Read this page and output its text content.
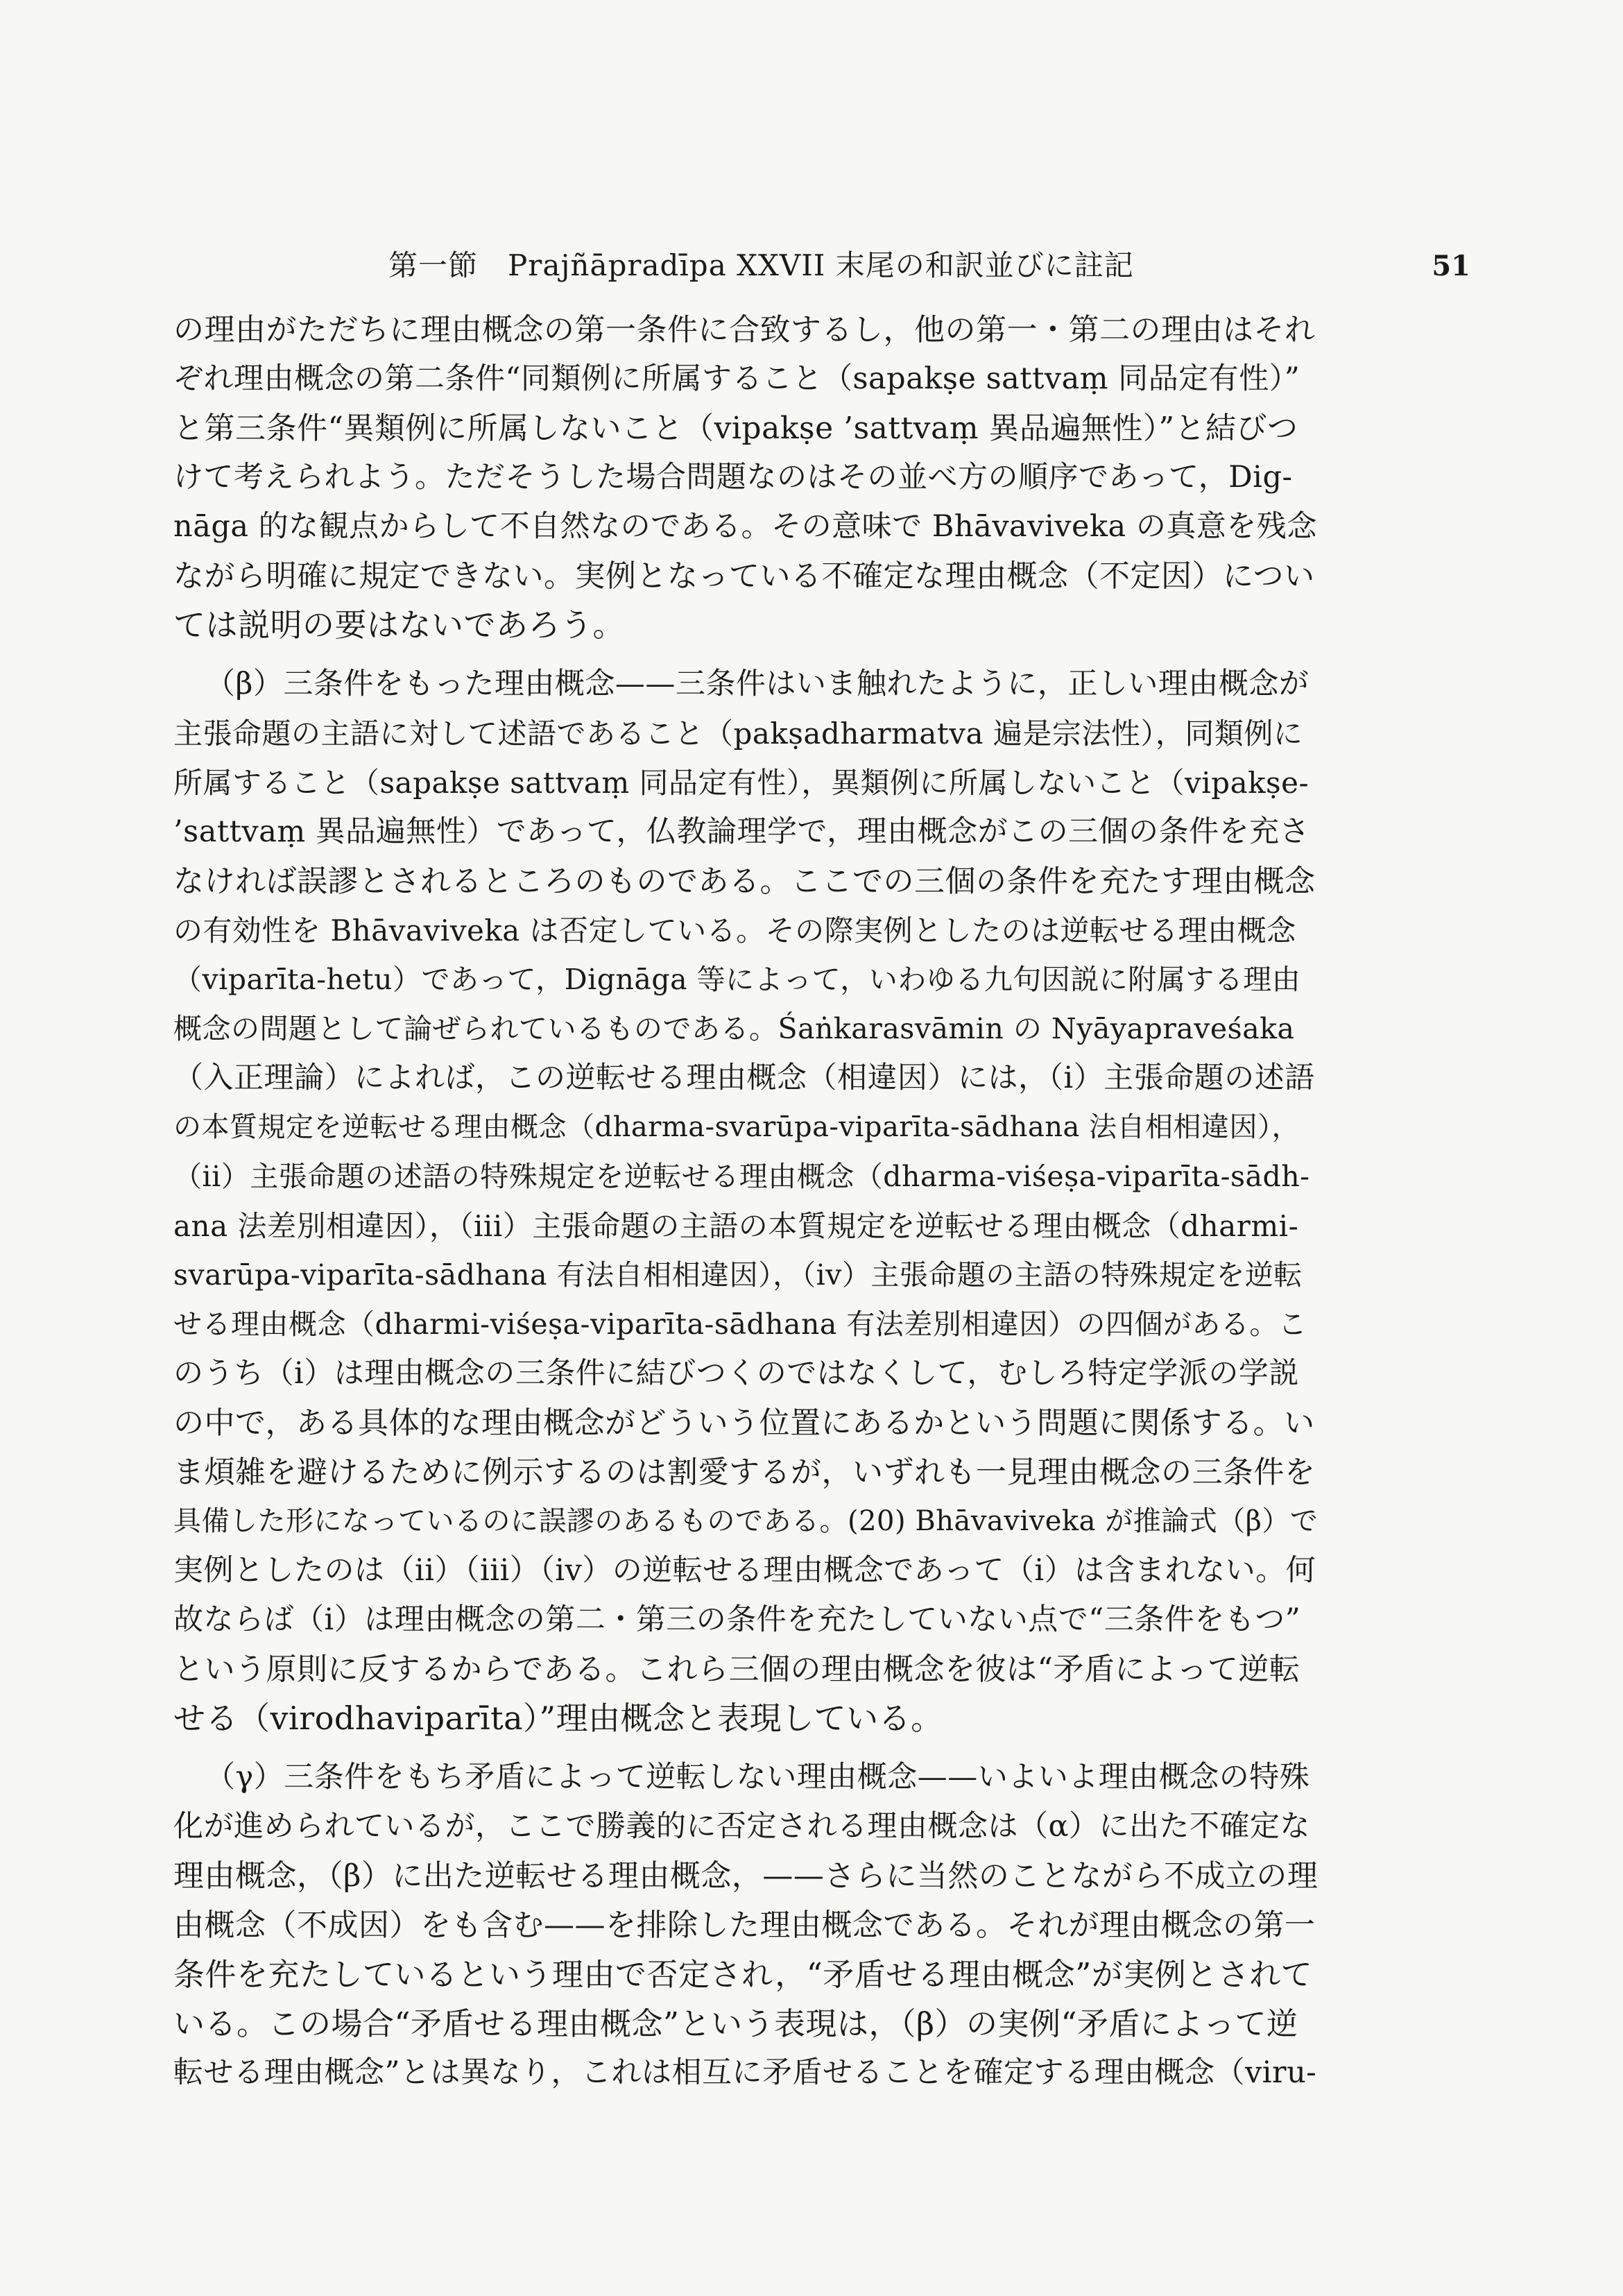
第一節　Prajñāpradīpa XXVII 末尾の和訳並びに註記	51
の理由がただちに理由概念の第一条件に合致するし，他の第一・第二の理由はそれ
ぞれ理由概念の第二条件“同類例に所属すること（sapakṣe sattvaṃ 同品定有性）”
と第三条件“異類例に所属しないこと（vipakṣe ’sattvaṃ 異品遍無性）”と結びつ
けて考えられよう。ただそうした場合問題なのはその並べ方の順序であって，Dig-
nāga 的な観点からして不自然なのである。その意味で Bhāvaviveka の真意を残念
ながら明確に規定できない。実例となっている不確定な理由概念（不定因）につい
ては説明の要はないであろう。
（β）三条件をもった理由概念——三条件はいま触れたように，正しい理由概念が
主張命題の主語に対して述語であること（pakṣadharmatva 遍是宗法性），同類例に
所属すること（sapakṣe sattvaṃ 同品定有性），異類例に所属しないこと（vipakṣe-
’sattvaṃ 異品遍無性）であって，仏教論理学で，理由概念がこの三個の条件を充さ
なければ誤謬とされるところのものである。ここでの三個の条件を充たす理由概念
の有効性を Bhāvaviveka は否定している。その際実例としたのは逆転せる理由概念
（viparīta-hetu）であって，Dignāga 等によって，いわゆる九句因説に附属する理由
概念の問題として論ぜられているものである。Śaṅkarasvāmin の Nyāyapraveśaka
（入正理論）によれば，この逆転せる理由概念（相違因）には，（i）主張命題の述語
の本質規定を逆転せる理由概念（dharma-svarūpa-viparīta-sādhana 法自相相違因），
（ii）主張命題の述語の特殊規定を逆転せる理由概念（dharma-viśeṣa-viparīta-sādh-
ana 法差別相違因），（iii）主張命題の主語の本質規定を逆転せる理由概念（dharmi-
svarūpa-viparīta-sādhana 有法自相相違因），（iv）主張命題の主語の特殊規定を逆転
せる理由概念（dharmi-viśeṣa-viparīta-sādhana 有法差別相違因）の四個がある。こ
のうち（i）は理由概念の三条件に結びつくのではなくして，むしろ特定学派の学説
の中で，ある具体的な理由概念がどういう位置にあるかという問題に関係する。い
ま煩雑を避けるために例示するのは割愛するが，いずれも一見理由概念の三条件を
具備した形になっているのに誤謬のあるものである。(20) Bhāvaviveka が推論式（β）で
実例としたのは（ii）（iii）（iv）の逆転せる理由概念であって（i）は含まれない。何
故ならば（i）は理由概念の第二・第三の条件を充たしていない点で“三条件をもつ”
という原則に反するからである。これら三個の理由概念を彼は“矛盾によって逆転
せる（virodhaviparīta）”理由概念と表現している。
（γ）三条件をもち矛盾によって逆転しない理由概念——いよいよ理由概念の特殊
化が進められているが，ここで勝義的に否定される理由概念は（α）に出た不確定な
理由概念，（β）に出た逆転せる理由概念，——さらに当然のことながら不成立の理
由概念（不成因）をも含む——を排除した理由概念である。それが理由概念の第一
条件を充たしているという理由で否定され，“矛盾せる理由概念”が実例とされて
いる。この場合“矛盾せる理由概念”という表現は，（β）の実例“矛盾によって逆
転せる理由概念”とは異なり，これは相互に矛盾せることを確定する理由概念（viru-
